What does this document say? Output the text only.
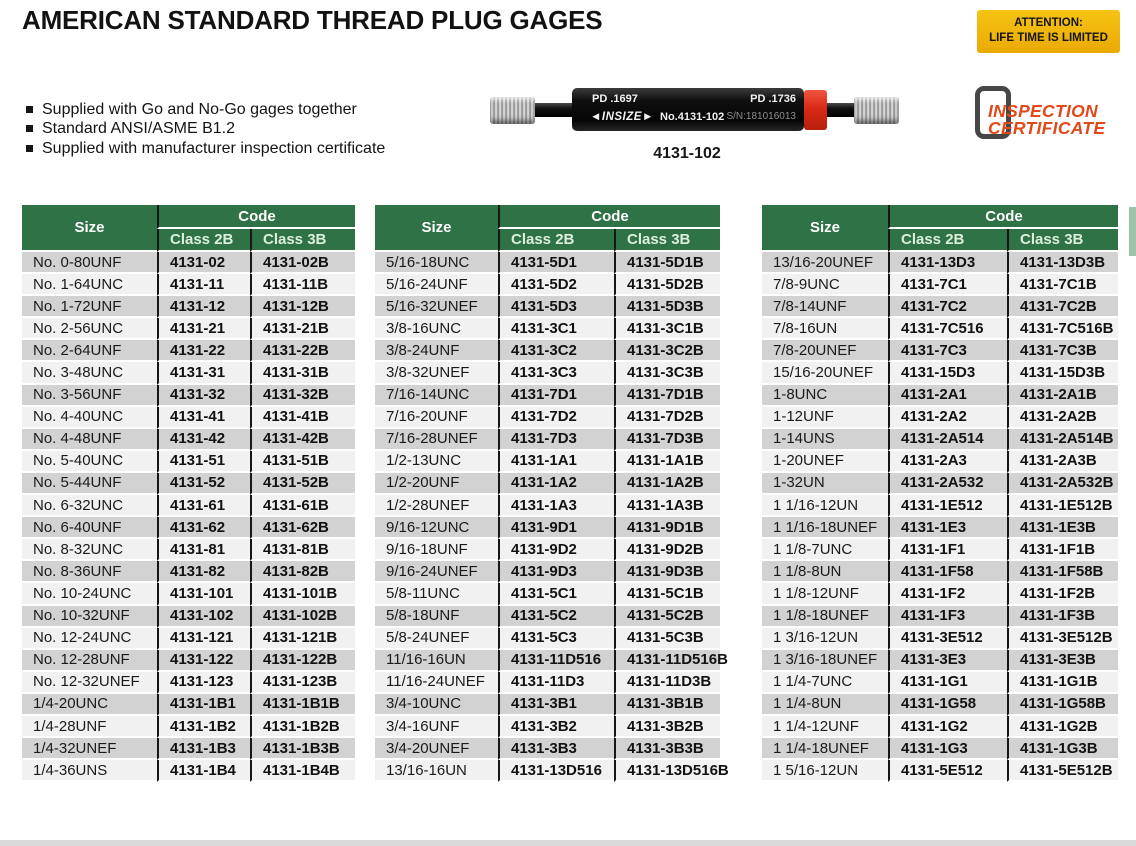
AMERICAN STANDARD THREAD PLUG GAGES	ATTENTION:
LIFE TIME IS LIMITED
Supplied with Go and No-Go gages together
Standard ANSI/ASME B1.2
Supplied with manufacturer inspection certificate
PD .1697	PD .1736
◄INSIZE► No.4131-102 S/N:181016013
4131-102
INSPECTION
CERTIFICATE
Size	Code	
	Class 2B	Class 3B
No. 0-80UNF	4131-02	4131-02B
No. 1-64UNC	4131-11	4131-11B
No. 1-72UNF	4131-12	4131-12B
No. 2-56UNC	4131-21	4131-21B
No. 2-64UNF	4131-22	4131-22B
No. 3-48UNC	4131-31	4131-31B
No. 3-56UNF	4131-32	4131-32B
No. 4-40UNC	4131-41	4131-41B
No. 4-48UNF	4131-42	4131-42B
No. 5-40UNC	4131-51	4131-51B
No. 5-44UNF	4131-52	4131-52B
No. 6-32UNC	4131-61	4131-61B
No. 6-40UNF	4131-62	4131-62B
No. 8-32UNC	4131-81	4131-81B
No. 8-36UNF	4131-82	4131-82B
No. 10-24UNC	4131-101	4131-101B
No. 10-32UNF	4131-102	4131-102B
No. 12-24UNC	4131-121	4131-121B
No. 12-28UNF	4131-122	4131-122B
No. 12-32UNEF	4131-123	4131-123B
1/4-20UNC	4131-1B1	4131-1B1B
1/4-28UNF	4131-1B2	4131-1B2B
1/4-32UNEF	4131-1B3	4131-1B3B
1/4-36UNS	4131-1B4	4131-1B4B
Size	Code	
	Class 2B	Class 3B
5/16-18UNC	4131-5D1	4131-5D1B
5/16-24UNF	4131-5D2	4131-5D2B
5/16-32UNEF	4131-5D3	4131-5D3B
3/8-16UNC	4131-3C1	4131-3C1B
3/8-24UNF	4131-3C2	4131-3C2B
3/8-32UNEF	4131-3C3	4131-3C3B
7/16-14UNC	4131-7D1	4131-7D1B
7/16-20UNF	4131-7D2	4131-7D2B
7/16-28UNEF	4131-7D3	4131-7D3B
1/2-13UNC	4131-1A1	4131-1A1B
1/2-20UNF	4131-1A2	4131-1A2B
1/2-28UNEF	4131-1A3	4131-1A3B
9/16-12UNC	4131-9D1	4131-9D1B
9/16-18UNF	4131-9D2	4131-9D2B
9/16-24UNEF	4131-9D3	4131-9D3B
5/8-11UNC	4131-5C1	4131-5C1B
5/8-18UNF	4131-5C2	4131-5C2B
5/8-24UNEF	4131-5C3	4131-5C3B
11/16-16UN	4131-11D516	4131-11D516B
11/16-24UNEF	4131-11D3	4131-11D3B
3/4-10UNC	4131-3B1	4131-3B1B
3/4-16UNF	4131-3B2	4131-3B2B
3/4-20UNEF	4131-3B3	4131-3B3B
13/16-16UN	4131-13D516	4131-13D516B
Size	Code	
	Class 2B	Class 3B
13/16-20UNEF	4131-13D3	4131-13D3B
7/8-9UNC	4131-7C1	4131-7C1B
7/8-14UNF	4131-7C2	4131-7C2B
7/8-16UN	4131-7C516	4131-7C516B
7/8-20UNEF	4131-7C3	4131-7C3B
15/16-20UNEF	4131-15D3	4131-15D3B
1-8UNC	4131-2A1	4131-2A1B
1-12UNF	4131-2A2	4131-2A2B
1-14UNS	4131-2A514	4131-2A514B
1-20UNEF	4131-2A3	4131-2A3B
1-32UN	4131-2A532	4131-2A532B
1 1/16-12UN	4131-1E512	4131-1E512B
1 1/16-18UNEF	4131-1E3	4131-1E3B
1 1/8-7UNC	4131-1F1	4131-1F1B
1 1/8-8UN	4131-1F58	4131-1F58B
1 1/8-12UNF	4131-1F2	4131-1F2B
1 1/8-18UNEF	4131-1F3	4131-1F3B
1 3/16-12UN	4131-3E512	4131-3E512B
1 3/16-18UNEF	4131-3E3	4131-3E3B
1 1/4-7UNC	4131-1G1	4131-1G1B
1 1/4-8UN	4131-1G58	4131-1G58B
1 1/4-12UNF	4131-1G2	4131-1G2B
1 1/4-18UNEF	4131-1G3	4131-1G3B
1 5/16-12UN	4131-5E512	4131-5E512B
